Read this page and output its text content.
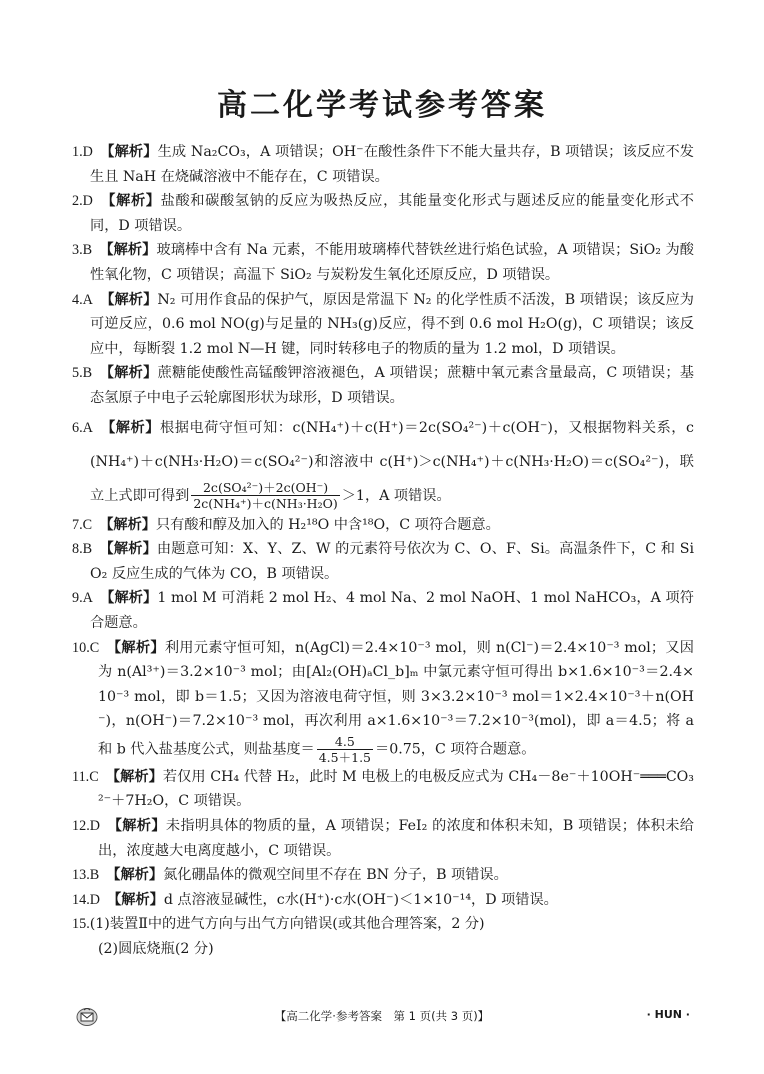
高二化学考试参考答案

1.D　 【解析】生成 Na₂CO₃，A 项错误；OH⁻在酸性条件下不能大量共存，B 项错误；该反应不发生且 NaH 在烧碱溶液中不能存在，C 项错误。

2.D　 【解析】盐酸和碳酸氢钠的反应为吸热反应，其能量变化形式与题述反应的能量变化形式不同，D 项错误。

3.B　 【解析】玻璃棒中含有 Na 元素，不能用玻璃棒代替铁丝进行焰色试验，A 项错误；SiO₂ 为酸性氧化物，C 项错误；高温下 SiO₂ 与炭粉发生氧化还原反应，D 项错误。

4.A　 【解析】N₂ 可用作食品的保护气，原因是常温下 N₂ 的化学性质不活泼，B 项错误；该反应为可逆反应，0.6 mol NO(g)与足量的 NH₃(g)反应，得不到 0.6 mol H₂O(g)，C 项错误；该反应中，每断裂 1.2 mol N—H 键，同时转移电子的物质的量为 1.2 mol，D 项错误。

5.B　 【解析】蔗糖能使酸性高锰酸钾溶液褪色，A 项错误；蔗糖中氧元素含量最高，C 项错误；基态氢原子中电子云轮廓图形状为球形，D 项错误。

6.A　 【解析】根据电荷守恒可知：c(NH₄⁺)＋c(H⁺)＝2c(SO₄²⁻)＋c(OH⁻)，又根据物料关系，c(NH₄⁺)＋c(NH₃·H₂O)＝c(SO₄²⁻)和溶液中 c(H⁺)＞c(NH₄⁺)＋c(NH₃·H₂O)＝c(SO₄²⁻)，联立上式即可得到 $\frac{\text{2c(SO₄²⁻)＋2c(OH⁻)}}{\text{2c(NH₄⁺)＋c(NH₃·H₂O)}} >1$，A 项错误。

7.C　 【解析】只有酸和醇及加入的 H₂¹⁸O 中含¹⁸O，C 项符合题意。

8.B　 【解析】由题意可知：X、Y、Z、W 的元素符号依次为 C、O、F、Si。高温条件下，C 和 SiO₂ 反应生成的气体为 CO，B 项错误。

9.A　 【解析】1 mol M 可消耗 2 mol H₂、4 mol Na、2 mol NaOH、1 mol NaHCO₃，A 项符合题意。

10.C　 【解析】利用元素守恒可知，n(AgCl)＝2.4×10⁻³ mol，则 n(Cl⁻)＝2.4×10⁻³ mol；又因为 n(Al³⁺)＝3.2×10⁻³ mol；由[Al₂(OH)ₐCl_b]ₘ 中氯元素守恒可得出 b×1.6×10⁻³＝2.4×10⁻³ mol，即 b＝1.5；又因为溶液电荷守恒，则 3×3.2×10⁻³ mol＝1×2.4×10⁻³＋n(OH⁻)，n(OH⁻)＝7.2×10⁻³ mol，再次利用 a×1.6×10⁻³＝7.2×10⁻³(mol)，即 a＝4.5；将 a 和 b 代入盐基度公式，则盐基度＝ $\frac{4.5}{4.5+1.5} =0.75$，C 项符合题意。

11.C　 【解析】若仅用 CH₄ 代替 H₂，此时 M 电极上的电极反应式为 CH₄－8e⁻＋10OH⁻═══CO₃²⁻＋7H₂O，C 项错误。

12.D　 【解析】未指明具体的物质的量，A 项错误；FeI₂ 的浓度和体积未知，B 项错误；体积未给出，浓度越大电离度越小，C 项错误。

13.B　 【解析】氮化硼晶体的微观空间里不存在 BN 分子，B 项错误。

14.D　 【解析】d 点溶液显碱性，c水(H⁺)·c水(OH⁻)＜1×10⁻¹⁴，D 项错误。

15.(1)装置Ⅱ中的进气方向与出气方向错误(或其他合理答案，2 分)

(2)圆底烧瓶(2 分)

【高二化学·参考答案　第 1 页(共 3 页)】	· HUN ·
